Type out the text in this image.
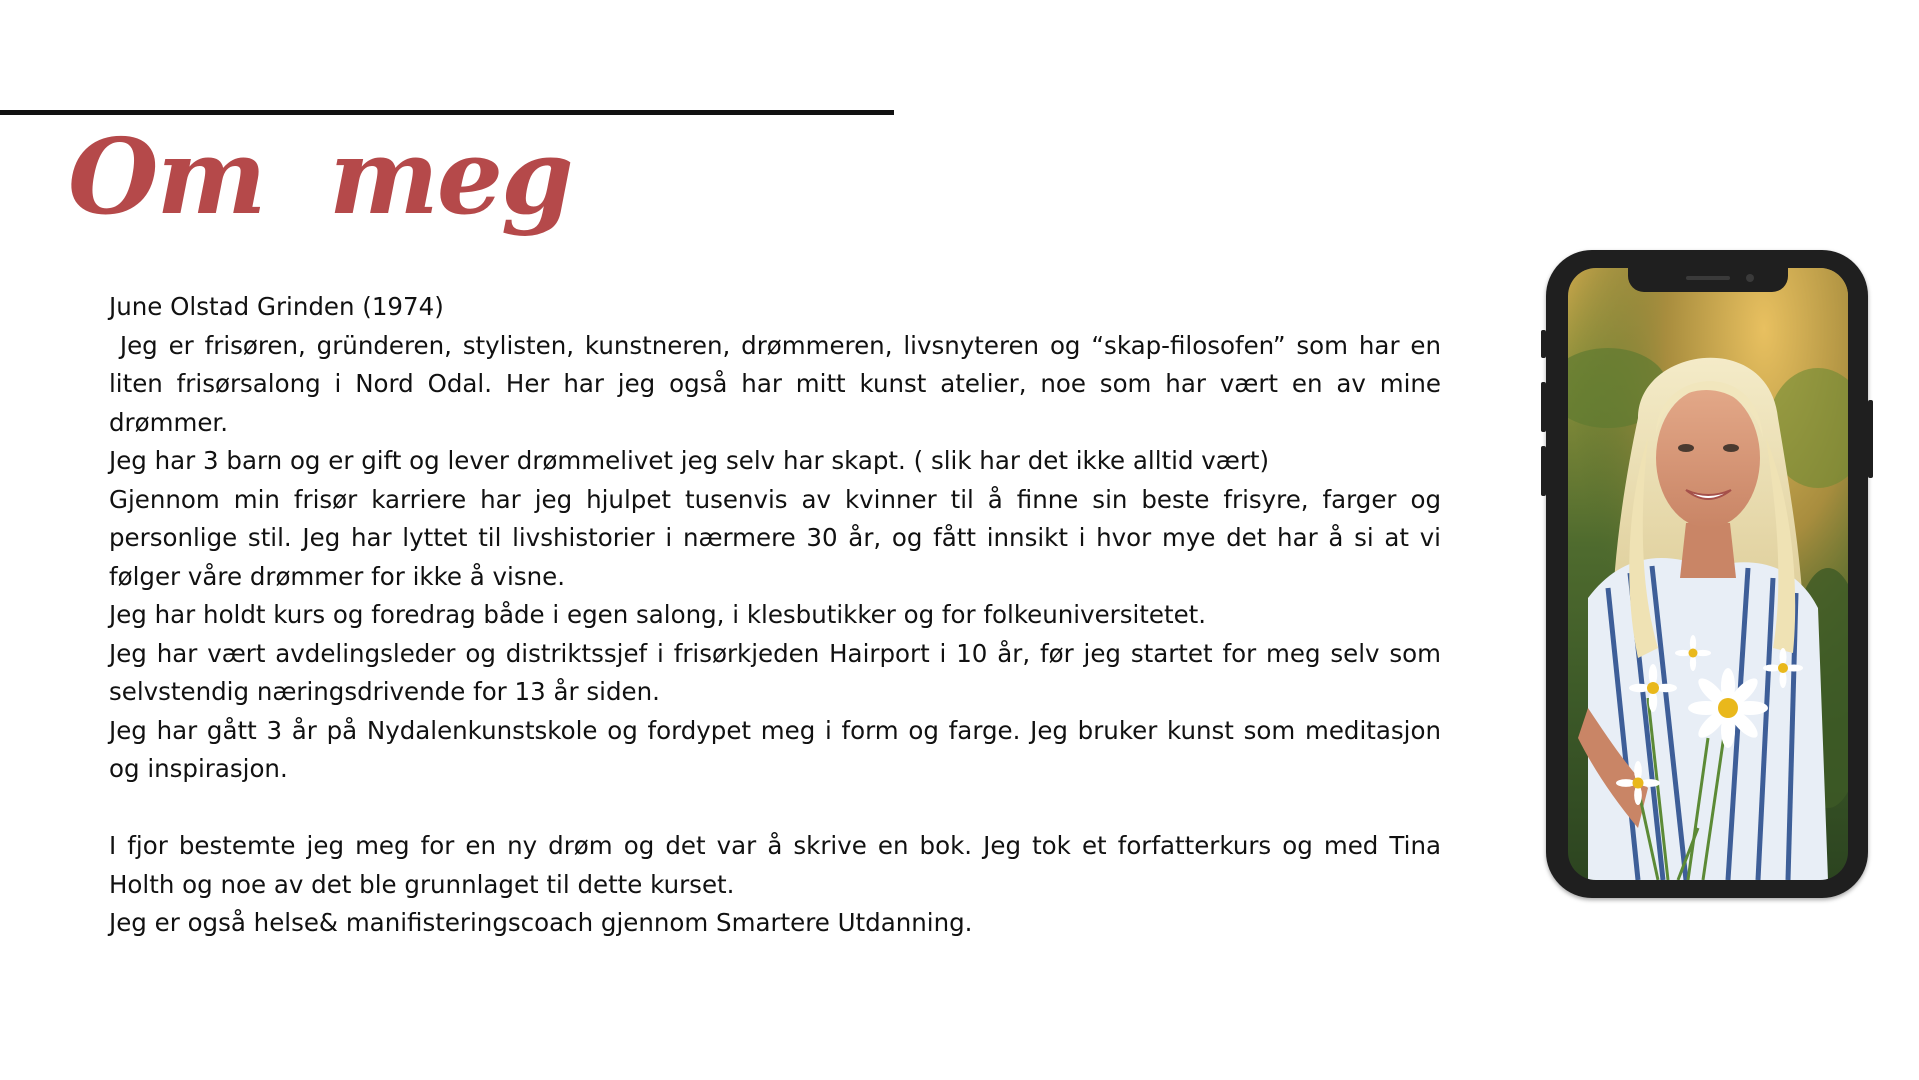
Om meg

June Olstad Grinden (1974)

Jeg er frisøren, gründeren, stylisten, kunstneren, drømmeren, livsnyteren og “skap-filosofen” som har en liten frisørsalong i Nord Odal. Her har jeg også har mitt kunst atelier, noe som har vært en av mine drømmer.

Jeg har 3 barn og er gift og lever drømmelivet jeg selv har skapt. ( slik har det ikke alltid vært)

Gjennom min frisør karriere har jeg hjulpet tusenvis av kvinner til å finne sin beste frisyre, farger og personlige stil. Jeg har lyttet til livshistorier i nærmere 30 år, og fått innsikt i hvor mye det har å si at vi følger våre drømmer for ikke å visne.

Jeg har holdt kurs og foredrag både i egen salong, i klesbutikker og for folkeuniversitetet.

Jeg har vært avdelingsleder og distriktssjef i frisørkjeden Hairport i 10 år, før jeg startet for meg selv som selvstendig næringsdrivende for 13 år siden.

Jeg har gått 3 år på Nydalenkunstskole og fordypet meg i form og farge. Jeg bruker kunst som meditasjon og inspirasjon.

I fjor bestemte jeg meg for en ny drøm og det var å skrive en bok. Jeg tok et forfatterkurs og med Tina Holth og noe av det ble grunnlaget til dette kurset.

Jeg er også helse& manifisteringscoach gjennom Smartere Utdanning.
